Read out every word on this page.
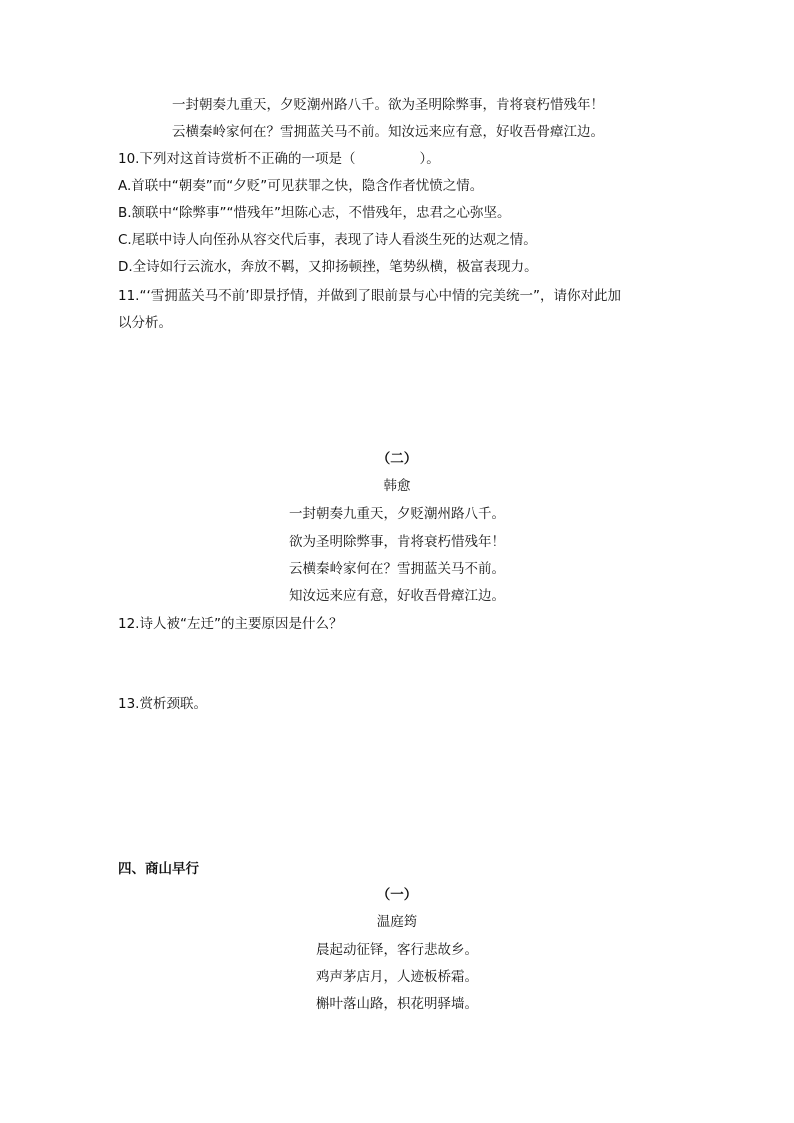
一封朝奏九重天，夕贬潮州路八千。欲为圣明除弊事，肯将衰朽惜残年！
云横秦岭家何在？雪拥蓝关马不前。知汝远来应有意，好收吾骨瘴江边。
10.下列对这首诗赏析不正确的一项是（	）。
A.首联中“朝奏”而“夕贬”可见获罪之快，隐含作者忧愤之情。
B.颔联中“除弊事”“惜残年”坦陈心志，不惜残年，忠君之心弥坚。
C.尾联中诗人向侄孙从容交代后事，表现了诗人看淡生死的达观之情。
D.全诗如行云流水，奔放不羁，又抑扬顿挫，笔势纵横，极富表现力。
11.“‘雪拥蓝关马不前’即景抒情，并做到了眼前景与心中情的完美统一”，请你对此加
以分析。
（二）
韩愈
一封朝奏九重天，夕贬潮州路八千。
欲为圣明除弊事，肯将衰朽惜残年！
云横秦岭家何在？雪拥蓝关马不前。
知汝远来应有意，好收吾骨瘴江边。
12.诗人被“左迁”的主要原因是什么？
13.赏析颈联。
四、商山早行
（一）
温庭筠
晨起动征铎，客行悲故乡。
鸡声茅店月，人迹板桥霜。
槲叶落山路，枳花明驿墙。
